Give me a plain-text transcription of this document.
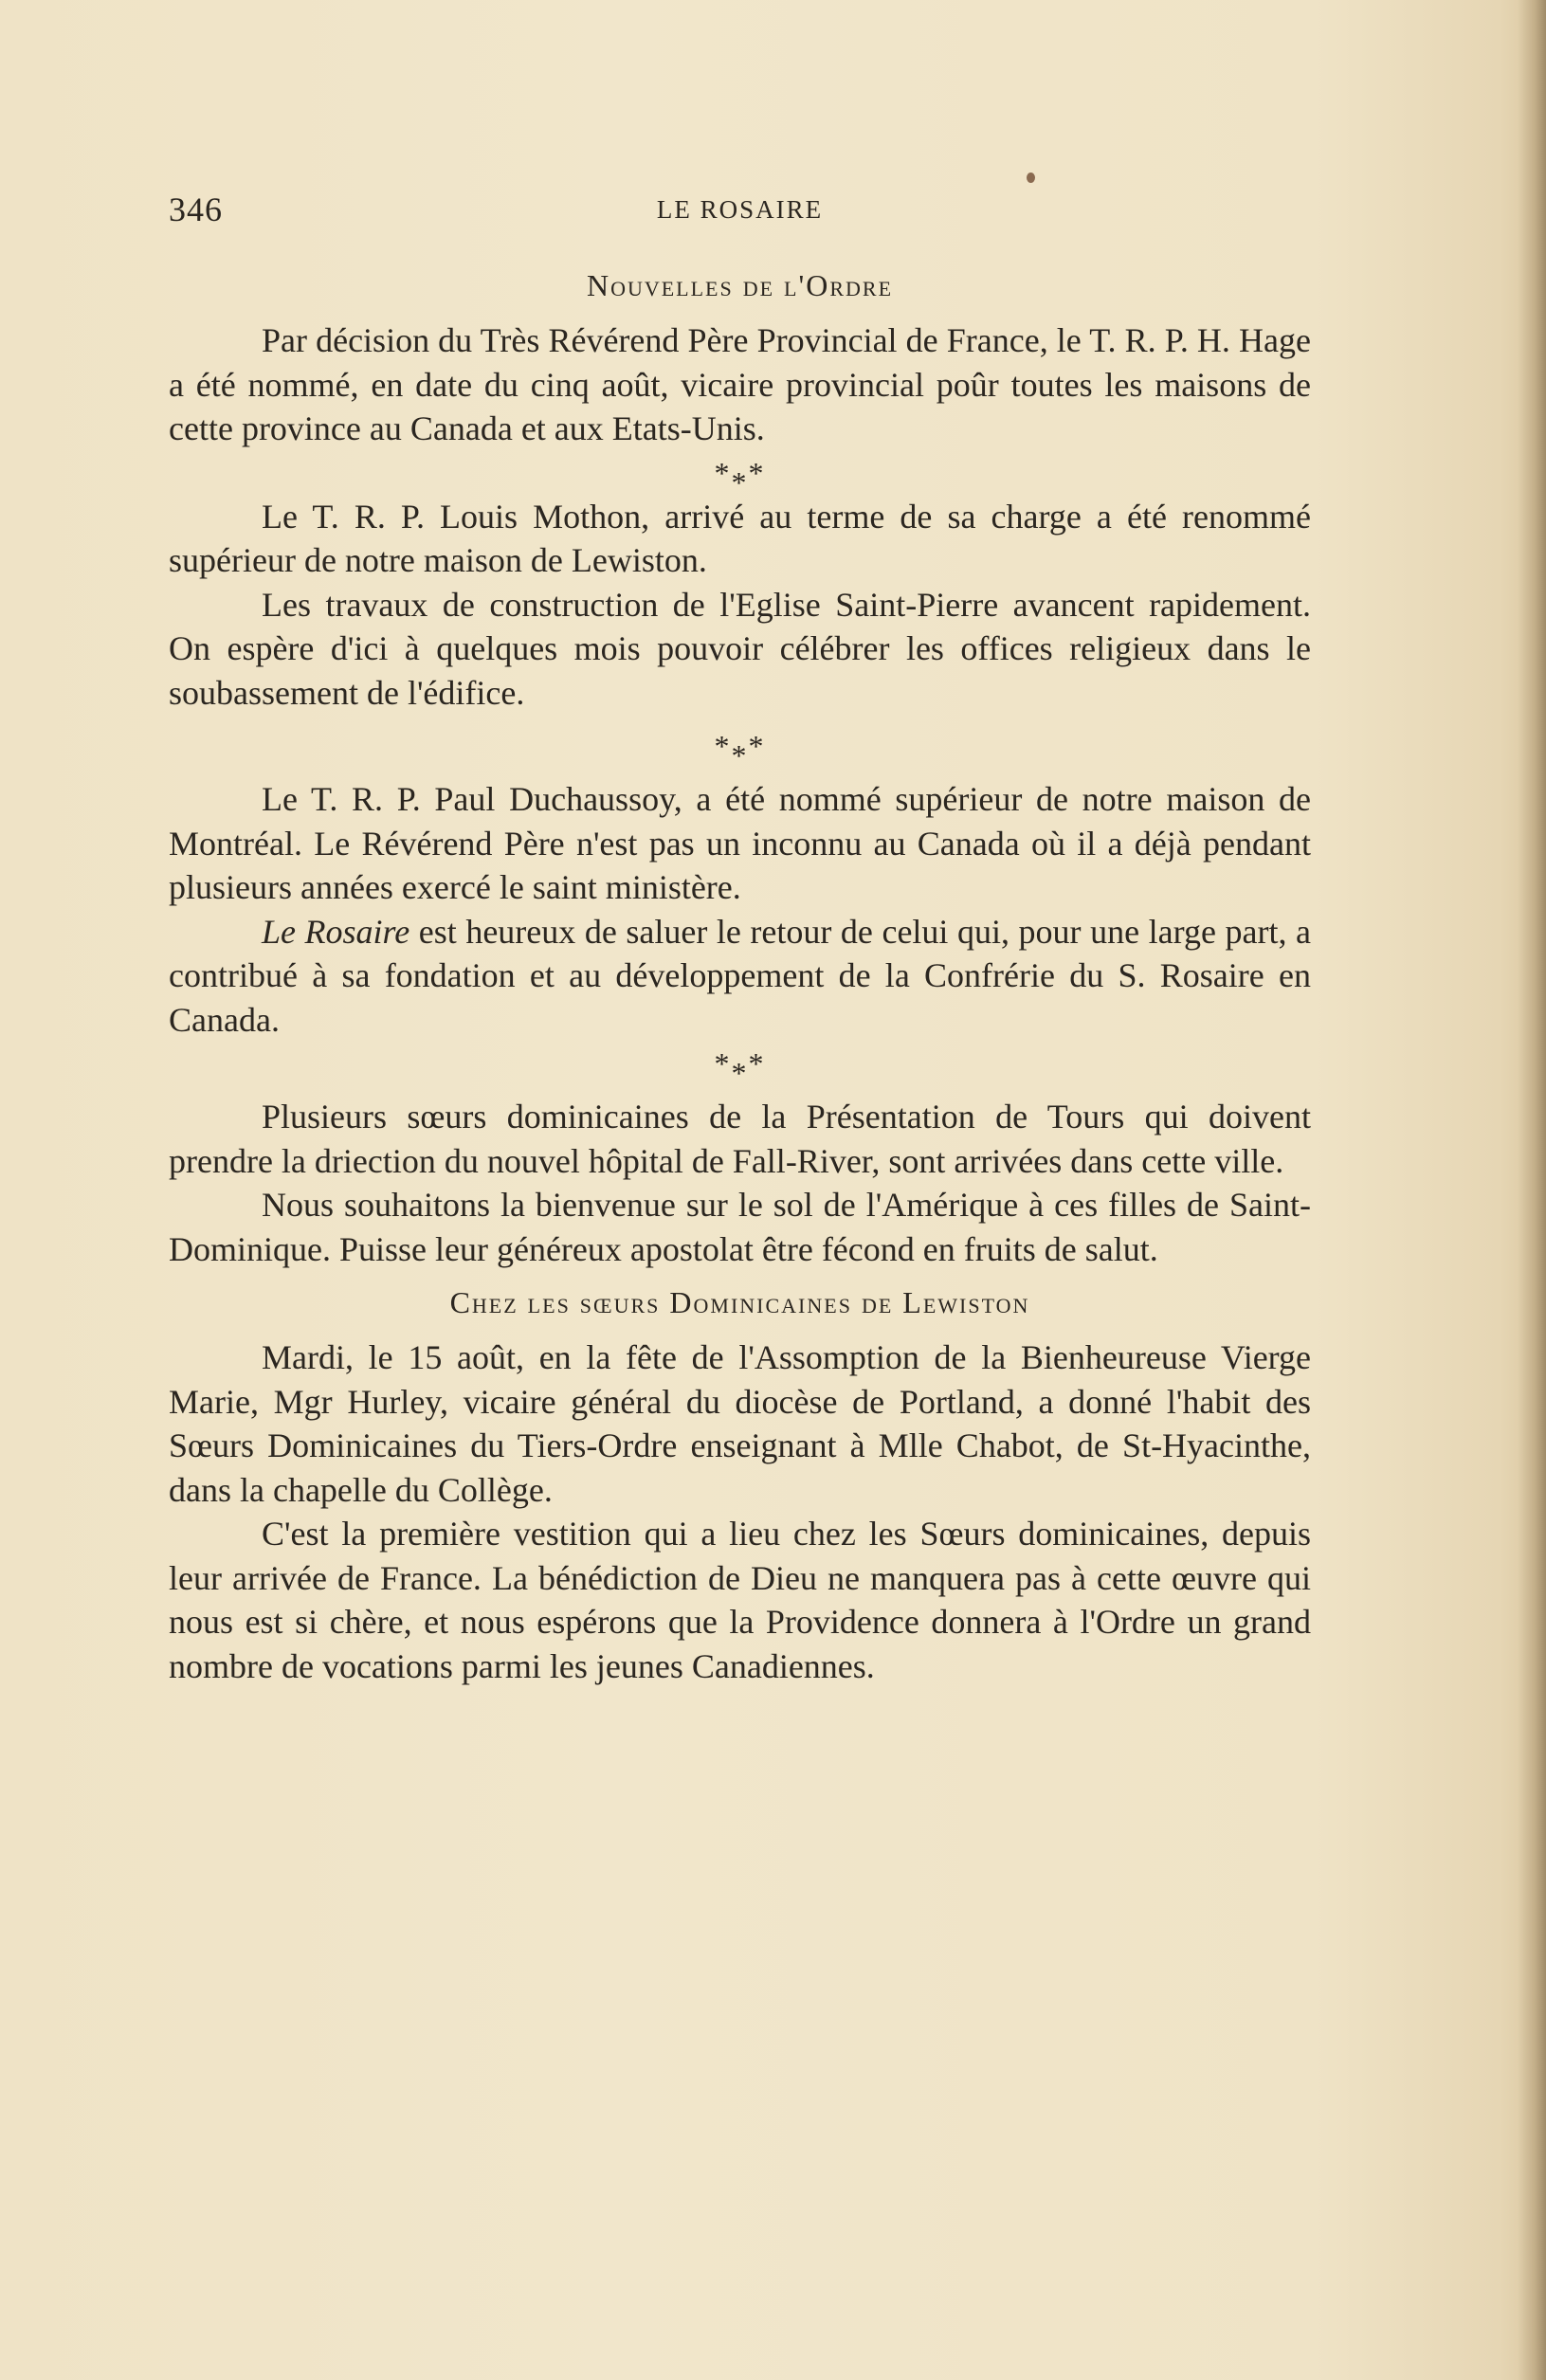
346	LE ROSAIRE
Nouvelles de l'Ordre

Par décision du Très Révérend Père Provincial de France, le T. R. P. H. Hage a été nommé, en date du cinq août, vicaire provincial poûr toutes les maisons de cette province au Canada et aux Etats-Unis.

***

Le T. R. P. Louis Mothon, arrivé au terme de sa charge a été renommé supérieur de notre maison de Lewiston.

Les travaux de construction de l'Eglise Saint-Pierre avancent rapidement. On espère d'ici à quelques mois pouvoir célébrer les offices religieux dans le soubassement de l'édifice.

***

Le T. R. P. Paul Duchaussoy, a été nommé supérieur de notre maison de Montréal. Le Révérend Père n'est pas un inconnu au Canada où il a déjà pendant plusieurs années exercé le saint ministère.

Le Rosaire est heureux de saluer le retour de celui qui, pour une large part, a contribué à sa fondation et au développement de la Confrérie du S. Rosaire en Canada.

***

Plusieurs sœurs dominicaines de la Présentation de Tours qui doivent prendre la driection du nouvel hôpital de Fall-River, sont arrivées dans cette ville.

Nous souhaitons la bienvenue sur le sol de l'Amérique à ces filles de Saint-Dominique. Puisse leur généreux apostolat être fécond en fruits de salut.

Chez les sœurs Dominicaines de Lewiston

Mardi, le 15 août, en la fête de l'Assomption de la Bienheureuse Vierge Marie, Mgr Hurley, vicaire général du diocèse de Portland, a donné l'habit des Sœurs Dominicaines du Tiers-Ordre enseignant à Mlle Chabot, de St-Hyacinthe, dans la chapelle du Collège.

C'est la première vestition qui a lieu chez les Sœurs dominicaines, depuis leur arrivée de France. La bénédiction de Dieu ne manquera pas à cette œuvre qui nous est si chère, et nous espérons que la Providence donnera à l'Ordre un grand nombre de vocations parmi les jeunes Canadiennes.
